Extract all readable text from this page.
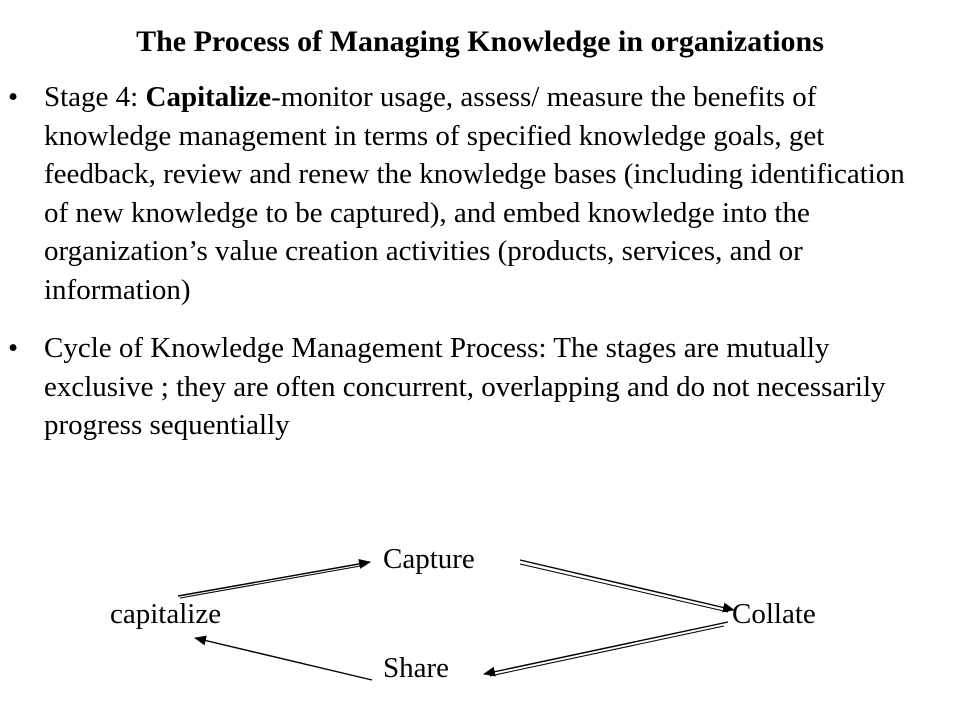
The Process of Managing Knowledge in organizations
• Stage 4: Capitalize-monitor usage, assess/ measure the benefits of knowledge management in terms of specified knowledge goals, get feedback, review and renew the knowledge bases (including identification of new knowledge to be captured), and embed knowledge into the organization’s value creation activities (products, services, and or information)
• Cycle of Knowledge Management Process: The stages are mutually exclusive ; they are often concurrent, overlapping and do not necessarily progress sequentially
Capture
capitalize	Collate
Share
